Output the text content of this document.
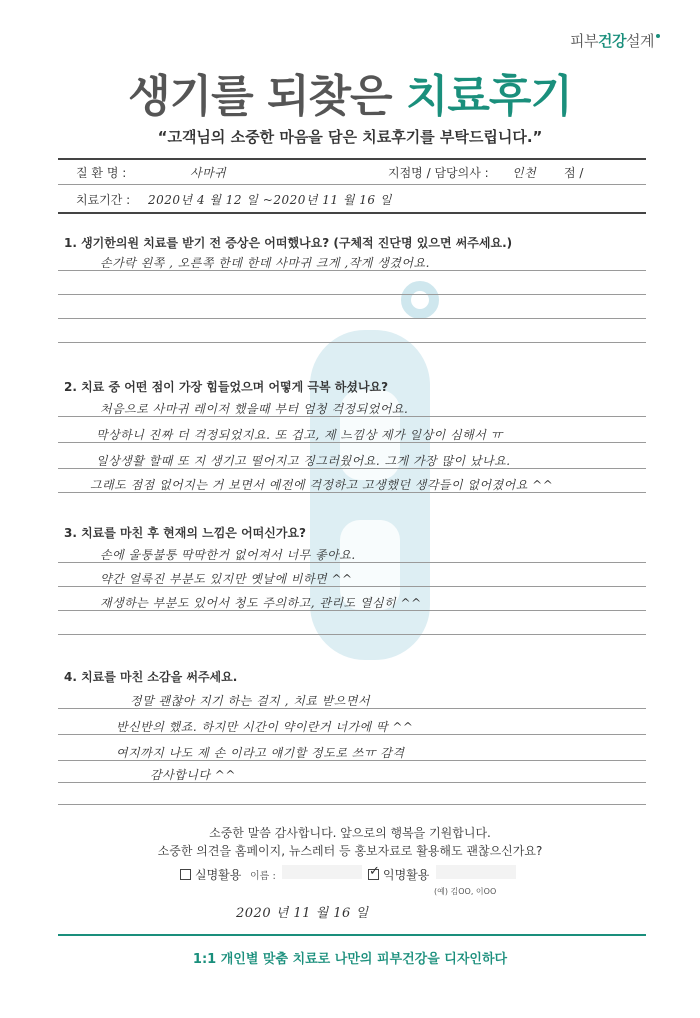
피부건강설계
생기를 되찾은 치료후기
“고객님의 소중한 마음을 담은 치료후기를 부탁드립니다.”
질 환 명 :	사마귀	지점명 / 담당의사 : 인천 점 /
치료기간 : 2020년 4 월 12 일 ~2020년 11 월 16 일
1. 생기한의원 치료를 받기 전 증상은 어떠했나요? (구체적 진단명 있으면 써주세요.)
손가락 왼쪽 , 오른쪽 한데 한데 사마귀 크게 ,작게 생겼어요.
2. 치료 중 어떤 점이 가장 힘들었으며 어떻게 극복 하셨나요?
처음으로 사마귀 레이저 했을때 부터 엄청 걱정되었어요.
막상하니 진짜 더 걱정되었지요. 또 겁고, 제 느낌상 제가 일상이 심해서 ㅠ
일상생활 할때 또 지 생기고 떨어지고 징그러웠어요. 그게 가장 많이 났나요.
그래도 점점 없어지는 거 보면서 예전에 걱정하고 고생했던 생각들이 없어졌어요 ^^
3. 치료를 마친 후 현재의 느낌은 어떠신가요?
손에 울퉁불퉁 딱딱한거 없어져서 너무 좋아요.
약간 얼룩진 부분도 있지만 옛날에 비하면 ^^
재생하는 부분도 있어서 청도 주의하고, 관리도 열심히 ^^
4. 치료를 마친 소감을 써주세요.
정말 괜찮아 지기 하는 걸지 , 치료 받으면서
반신반의 했죠. 하지만 시간이 약이란거 너가에 딱 ^^
여지까지 나도 제 손 이라고 얘기할 정도로 쓰ㅠ 감격
감사합니다 ^^
소중한 말씀 감사합니다. 앞으로의 행복을 기원합니다.
소중한 의견을 홈페이지, 뉴스레터 등 홍보자료로 활용해도 괜찮으신가요?
실명활용 이름 :	✓ 익명활용
(예) 김OO, 이OO
2020 년 11 월 16 일
1:1 개인별 맞춤 치료로 나만의 피부건강을 디자인하다
